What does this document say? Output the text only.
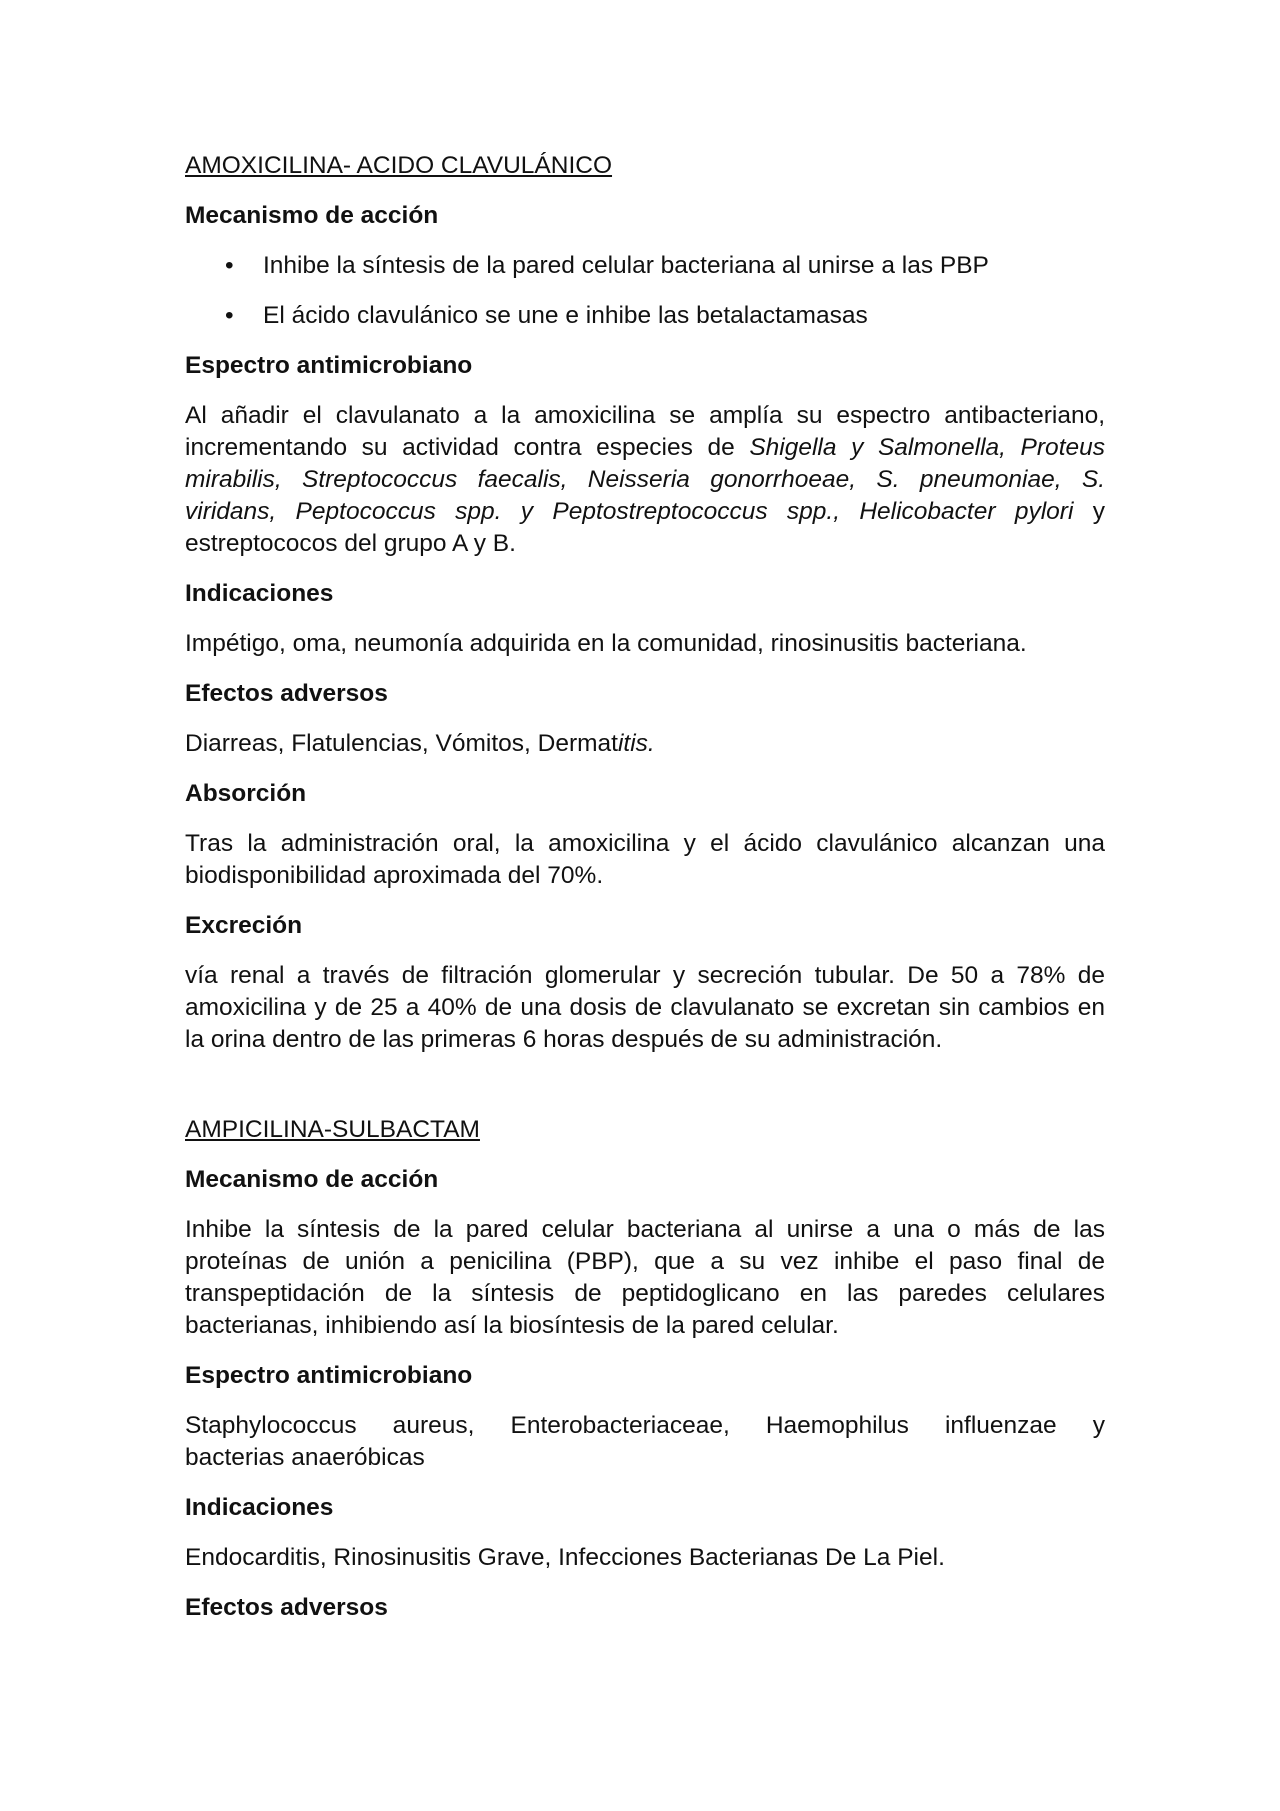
AMOXICILINA- ACIDO CLAVULÁNICO
Mecanismo de acción
• Inhibe la síntesis de la pared celular bacteriana al unirse a las PBP
• El ácido clavulánico se une e inhibe las betalactamasas
Espectro antimicrobiano
Al añadir el clavulanato a la amoxicilina se amplía su espectro antibacteriano, incrementando su actividad contra especies de Shigella y Salmonella, Proteus mirabilis, Streptococcus faecalis, Neisseria gonorrhoeae, S. pneumoniae, S. viridans, Peptococcus spp. y Peptostreptococcus spp., Helicobacter pylori y estreptococos del grupo A y B.
Indicaciones
Impétigo, oma, neumonía adquirida en la comunidad, rinosinusitis bacteriana.
Efectos adversos
Diarreas, Flatulencias, Vómitos, Dermatitis.
Absorción
Tras la administración oral, la amoxicilina y el ácido clavulánico alcanzan una biodisponibilidad aproximada del 70%.
Excreción
vía renal a través de filtración glomerular y secreción tubular. De 50 a 78% de amoxicilina y de 25 a 40% de una dosis de clavulanato se excretan sin cambios en la orina dentro de las primeras 6 horas después de su administración.
AMPICILINA-SULBACTAM
Mecanismo de acción
Inhibe la síntesis de la pared celular bacteriana al unirse a una o más de las proteínas de unión a penicilina (PBP), que a su vez inhibe el paso final de transpeptidación de la síntesis de peptidoglicano en las paredes celulares bacterianas, inhibiendo así la biosíntesis de la pared celular.
Espectro antimicrobiano
Staphylococcus aureus, Enterobacteriaceae, Haemophilus influenzae y
bacterias anaeróbicas
Indicaciones
Endocarditis, Rinosinusitis Grave, Infecciones Bacterianas De La Piel.
Efectos adversos
